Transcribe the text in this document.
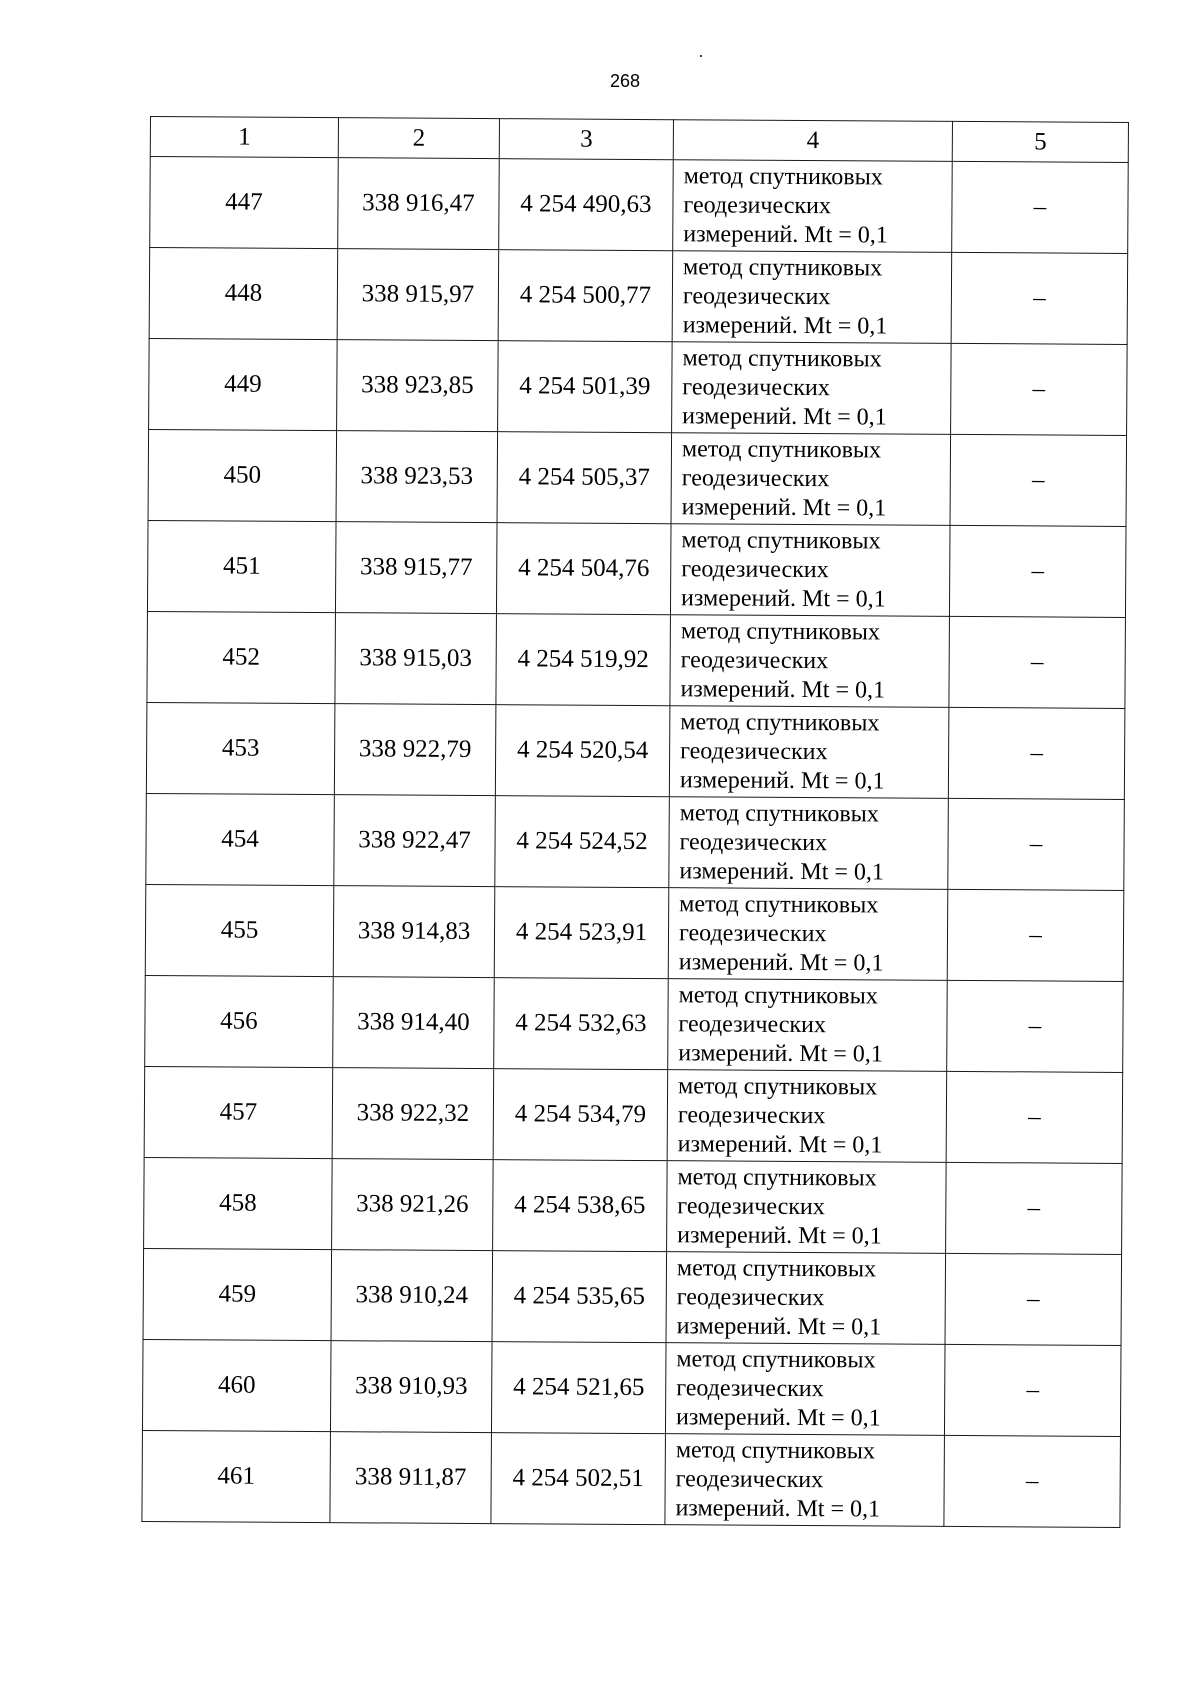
268
1	2	3	4	5
447	338 916,47	4 254 490,63	метод спутниковых
геодезических
измерений. Mt = 0,1	–
448	338 915,97	4 254 500,77	метод спутниковых
геодезических
измерений. Mt = 0,1	–
449	338 923,85	4 254 501,39	метод спутниковых
геодезических
измерений. Mt = 0,1	–
450	338 923,53	4 254 505,37	метод спутниковых
геодезических
измерений. Mt = 0,1	–
451	338 915,77	4 254 504,76	метод спутниковых
геодезических
измерений. Mt = 0,1	–
452	338 915,03	4 254 519,92	метод спутниковых
геодезических
измерений. Mt = 0,1	–
453	338 922,79	4 254 520,54	метод спутниковых
геодезических
измерений. Mt = 0,1	–
454	338 922,47	4 254 524,52	метод спутниковых
геодезических
измерений. Mt = 0,1	–
455	338 914,83	4 254 523,91	метод спутниковых
геодезических
измерений. Mt = 0,1	–
456	338 914,40	4 254 532,63	метод спутниковых
геодезических
измерений. Mt = 0,1	–
457	338 922,32	4 254 534,79	метод спутниковых
геодезических
измерений. Mt = 0,1	–
458	338 921,26	4 254 538,65	метод спутниковых
геодезических
измерений. Mt = 0,1	–
459	338 910,24	4 254 535,65	метод спутниковых
геодезических
измерений. Mt = 0,1	–
460	338 910,93	4 254 521,65	метод спутниковых
геодезических
измерений. Mt = 0,1	–
461	338 911,87	4 254 502,51	метод спутниковых
геодезических
измерений. Mt = 0,1	–
